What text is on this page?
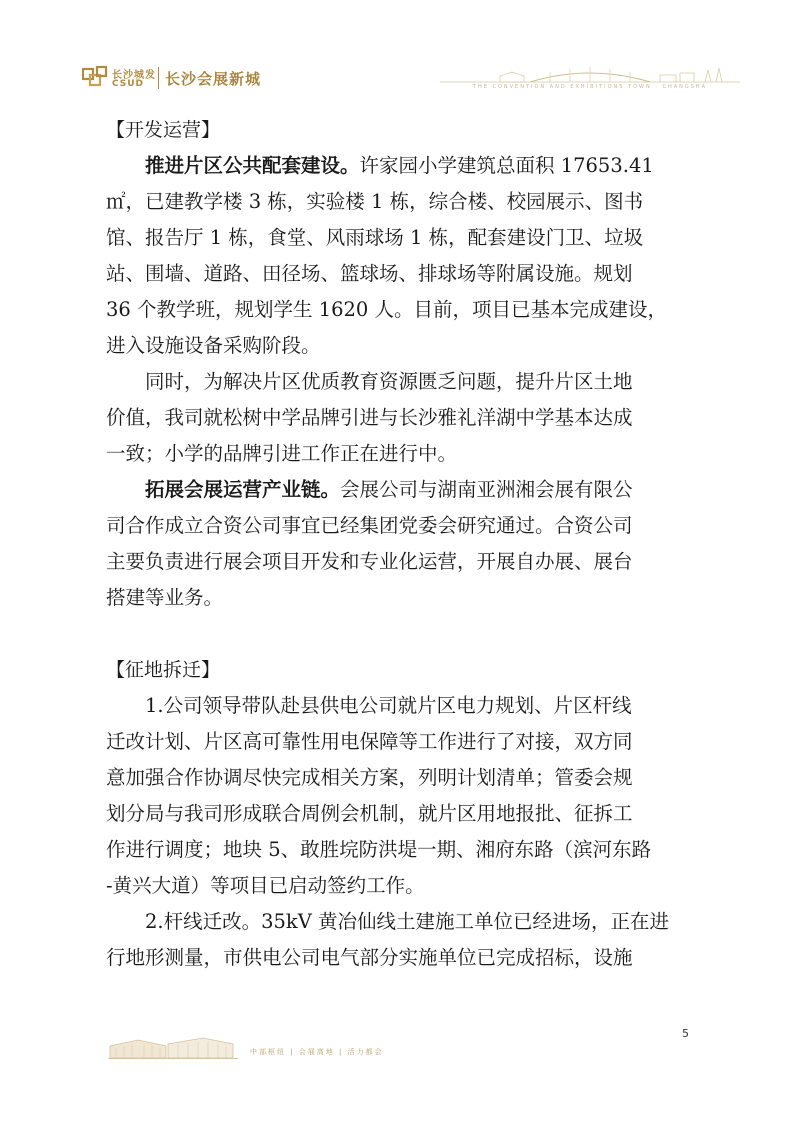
长沙城发
CSUD 长沙会展新城	THE CONVENTION AND EXHIBITIONS TOWN · CHANGSHA

【开发运营】

推进片区公共配套建设。许家园小学建筑总面积 17653.41
㎡，已建教学楼 3 栋，实验楼 1 栋，综合楼、校园展示、图书
馆、报告厅 1 栋，食堂、风雨球场 1 栋，配套建设门卫、垃圾
站、围墙、道路、田径场、篮球场、排球场等附属设施。规划
36 个教学班，规划学生 1620 人。目前，项目已基本完成建设，
进入设施设备采购阶段。

同时，为解决片区优质教育资源匮乏问题，提升片区土地
价值，我司就松树中学品牌引进与长沙雅礼洋湖中学基本达成
一致；小学的品牌引进工作正在进行中。

拓展会展运营产业链。会展公司与湖南亚洲湘会展有限公
司合作成立合资公司事宜已经集团党委会研究通过。合资公司
主要负责进行展会项目开发和专业化运营，开展自办展、展台
搭建等业务。

【征地拆迁】

1.公司领导带队赴县供电公司就片区电力规划、片区杆线
迁改计划、片区高可靠性用电保障等工作进行了对接，双方同
意加强合作协调尽快完成相关方案，列明计划清单；管委会规
划分局与我司形成联合周例会机制，就片区用地报批、征拆工
作进行调度；地块 5、敢胜垸防洪堤一期、湘府东路（滨河东路
-黄兴大道）等项目已启动签约工作。

2.杆线迁改。35kV 黄冶仙线土建施工单位已经进场，正在进
行地形测量，市供电公司电气部分实施单位已完成招标，设施

5
中部枢纽 | 会展高地 | 活力都会
